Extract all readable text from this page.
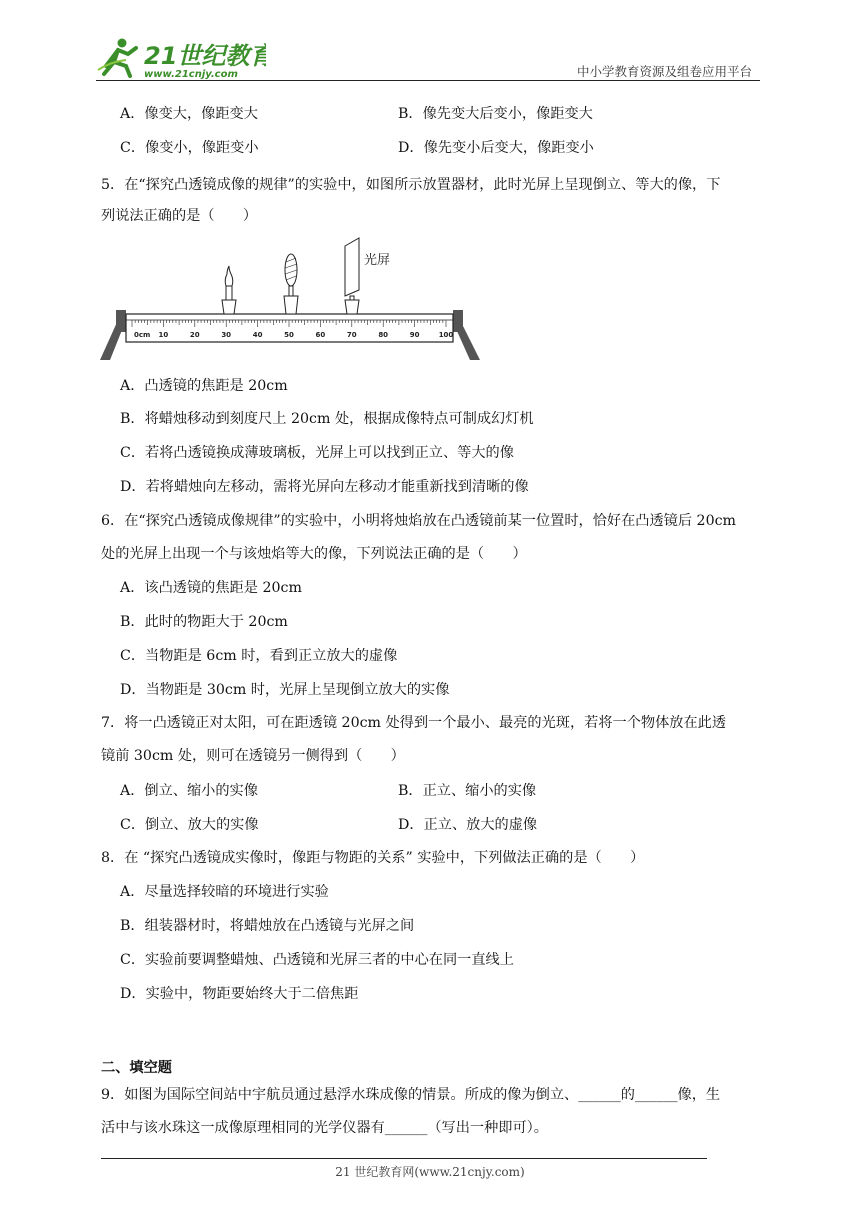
21世纪教育
www.21cnjy.com	中小学教育资源及组卷应用平台
A．像变大，像距变大	B．像先变大后变小，像距变大
C．像变小，像距变小	D．像先变小后变大，像距变小
5．在“探究凸透镜成像的规律”的实验中，如图所示放置器材，此时光屏上呈现倒立、等大的像，下
列说法正确的是（　　）
0cm 10	20	30	40	50	60	70	80	90	100
光屏
A．凸透镜的焦距是 20cm
B．将蜡烛移动到刻度尺上 20cm 处，根据成像特点可制成幻灯机
C．若将凸透镜换成薄玻璃板，光屏上可以找到正立、等大的像
D．若将蜡烛向左移动，需将光屏向左移动才能重新找到清晰的像
6．在“探究凸透镜成像规律”的实验中，小明将烛焰放在凸透镜前某一位置时，恰好在凸透镜后 20cm
处的光屏上出现一个与该烛焰等大的像，下列说法正确的是（　　）
A．该凸透镜的焦距是 20cm
B．此时的物距大于 20cm
C．当物距是 6cm 时，看到正立放大的虚像
D．当物距是 30cm 时，光屏上呈现倒立放大的实像
7．将一凸透镜正对太阳，可在距透镜 20cm 处得到一个最小、最亮的光斑，若将一个物体放在此透
镜前 30cm 处，则可在透镜另一侧得到（　　）
A．倒立、缩小的实像	B．正立、缩小的实像
C．倒立、放大的实像	D．正立、放大的虚像
8．在 “探究凸透镜成实像时，像距与物距的关系” 实验中，下列做法正确的是（　　）
A．尽量选择较暗的环境进行实验
B．组装器材时，将蜡烛放在凸透镜与光屏之间
C．实验前要调整蜡烛、凸透镜和光屏三者的中心在同一直线上
D．实验中，物距要始终大于二倍焦距
二、填空题
9．如图为国际空间站中宇航员通过悬浮水珠成像的情景。所成的像为倒立、______的______像，生
活中与该水珠这一成像原理相同的光学仪器有______（写出一种即可）。
21 世纪教育网(www.21cnjy.com)
